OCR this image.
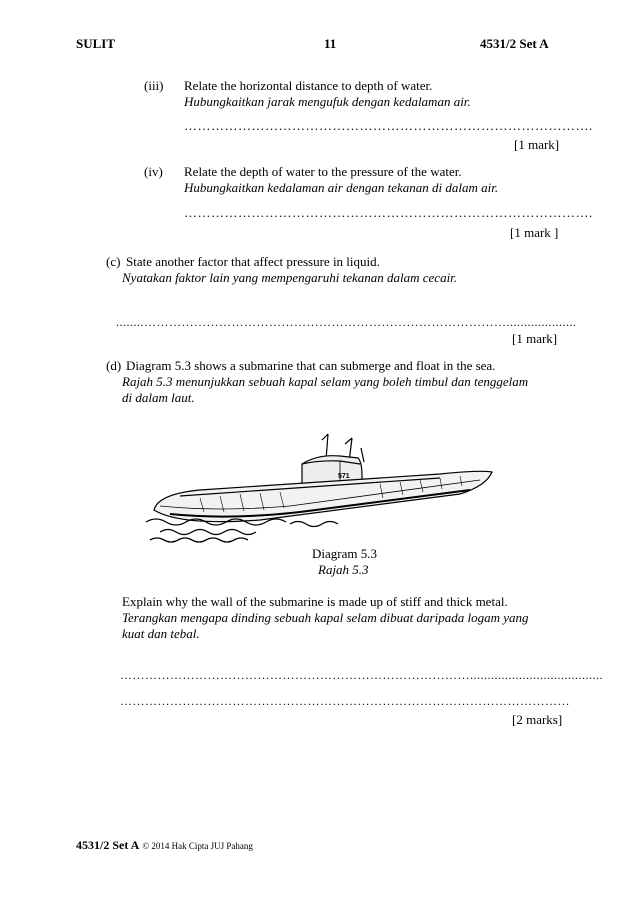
SULIT	11	4531/2 Set A
(iii) Relate the horizontal distance to depth of water.
Hubungkaitkan jarak mengufuk dengan kedalaman air.
……………………………………………………………………………….
[1 mark]
(iv) Relate the depth of water to the pressure of the water.
Hubungkaitkan kedalaman air dengan tekanan di dalam air.
……………………………………………………………………………….
[1 mark ]
(c) State another factor that affect pressure in liquid.
Nyatakan faktor lain yang mempengaruhi tekanan dalam cecair.
........……………………………………………………………………………....................
[1 mark]
(d) Diagram 5.3 shows a submarine that can submerge and float in the sea.
Rajah 5.3 menunjukkan sebuah kapal selam yang boleh timbul dan tenggelam
di dalam laut.
571
Diagram 5.3
Rajah 5.3
Explain why the wall of the submarine is made up of stiff and thick metal.
Terangkan mengapa dinding sebuah kapal selam dibuat daripada logam yang
kuat dan tebal.
…………………………………………………………………………......................................
………………………………………………………………………………………………
[2 marks]
4531/2 Set A © 2014 Hak Cipta JUJ Pahang
